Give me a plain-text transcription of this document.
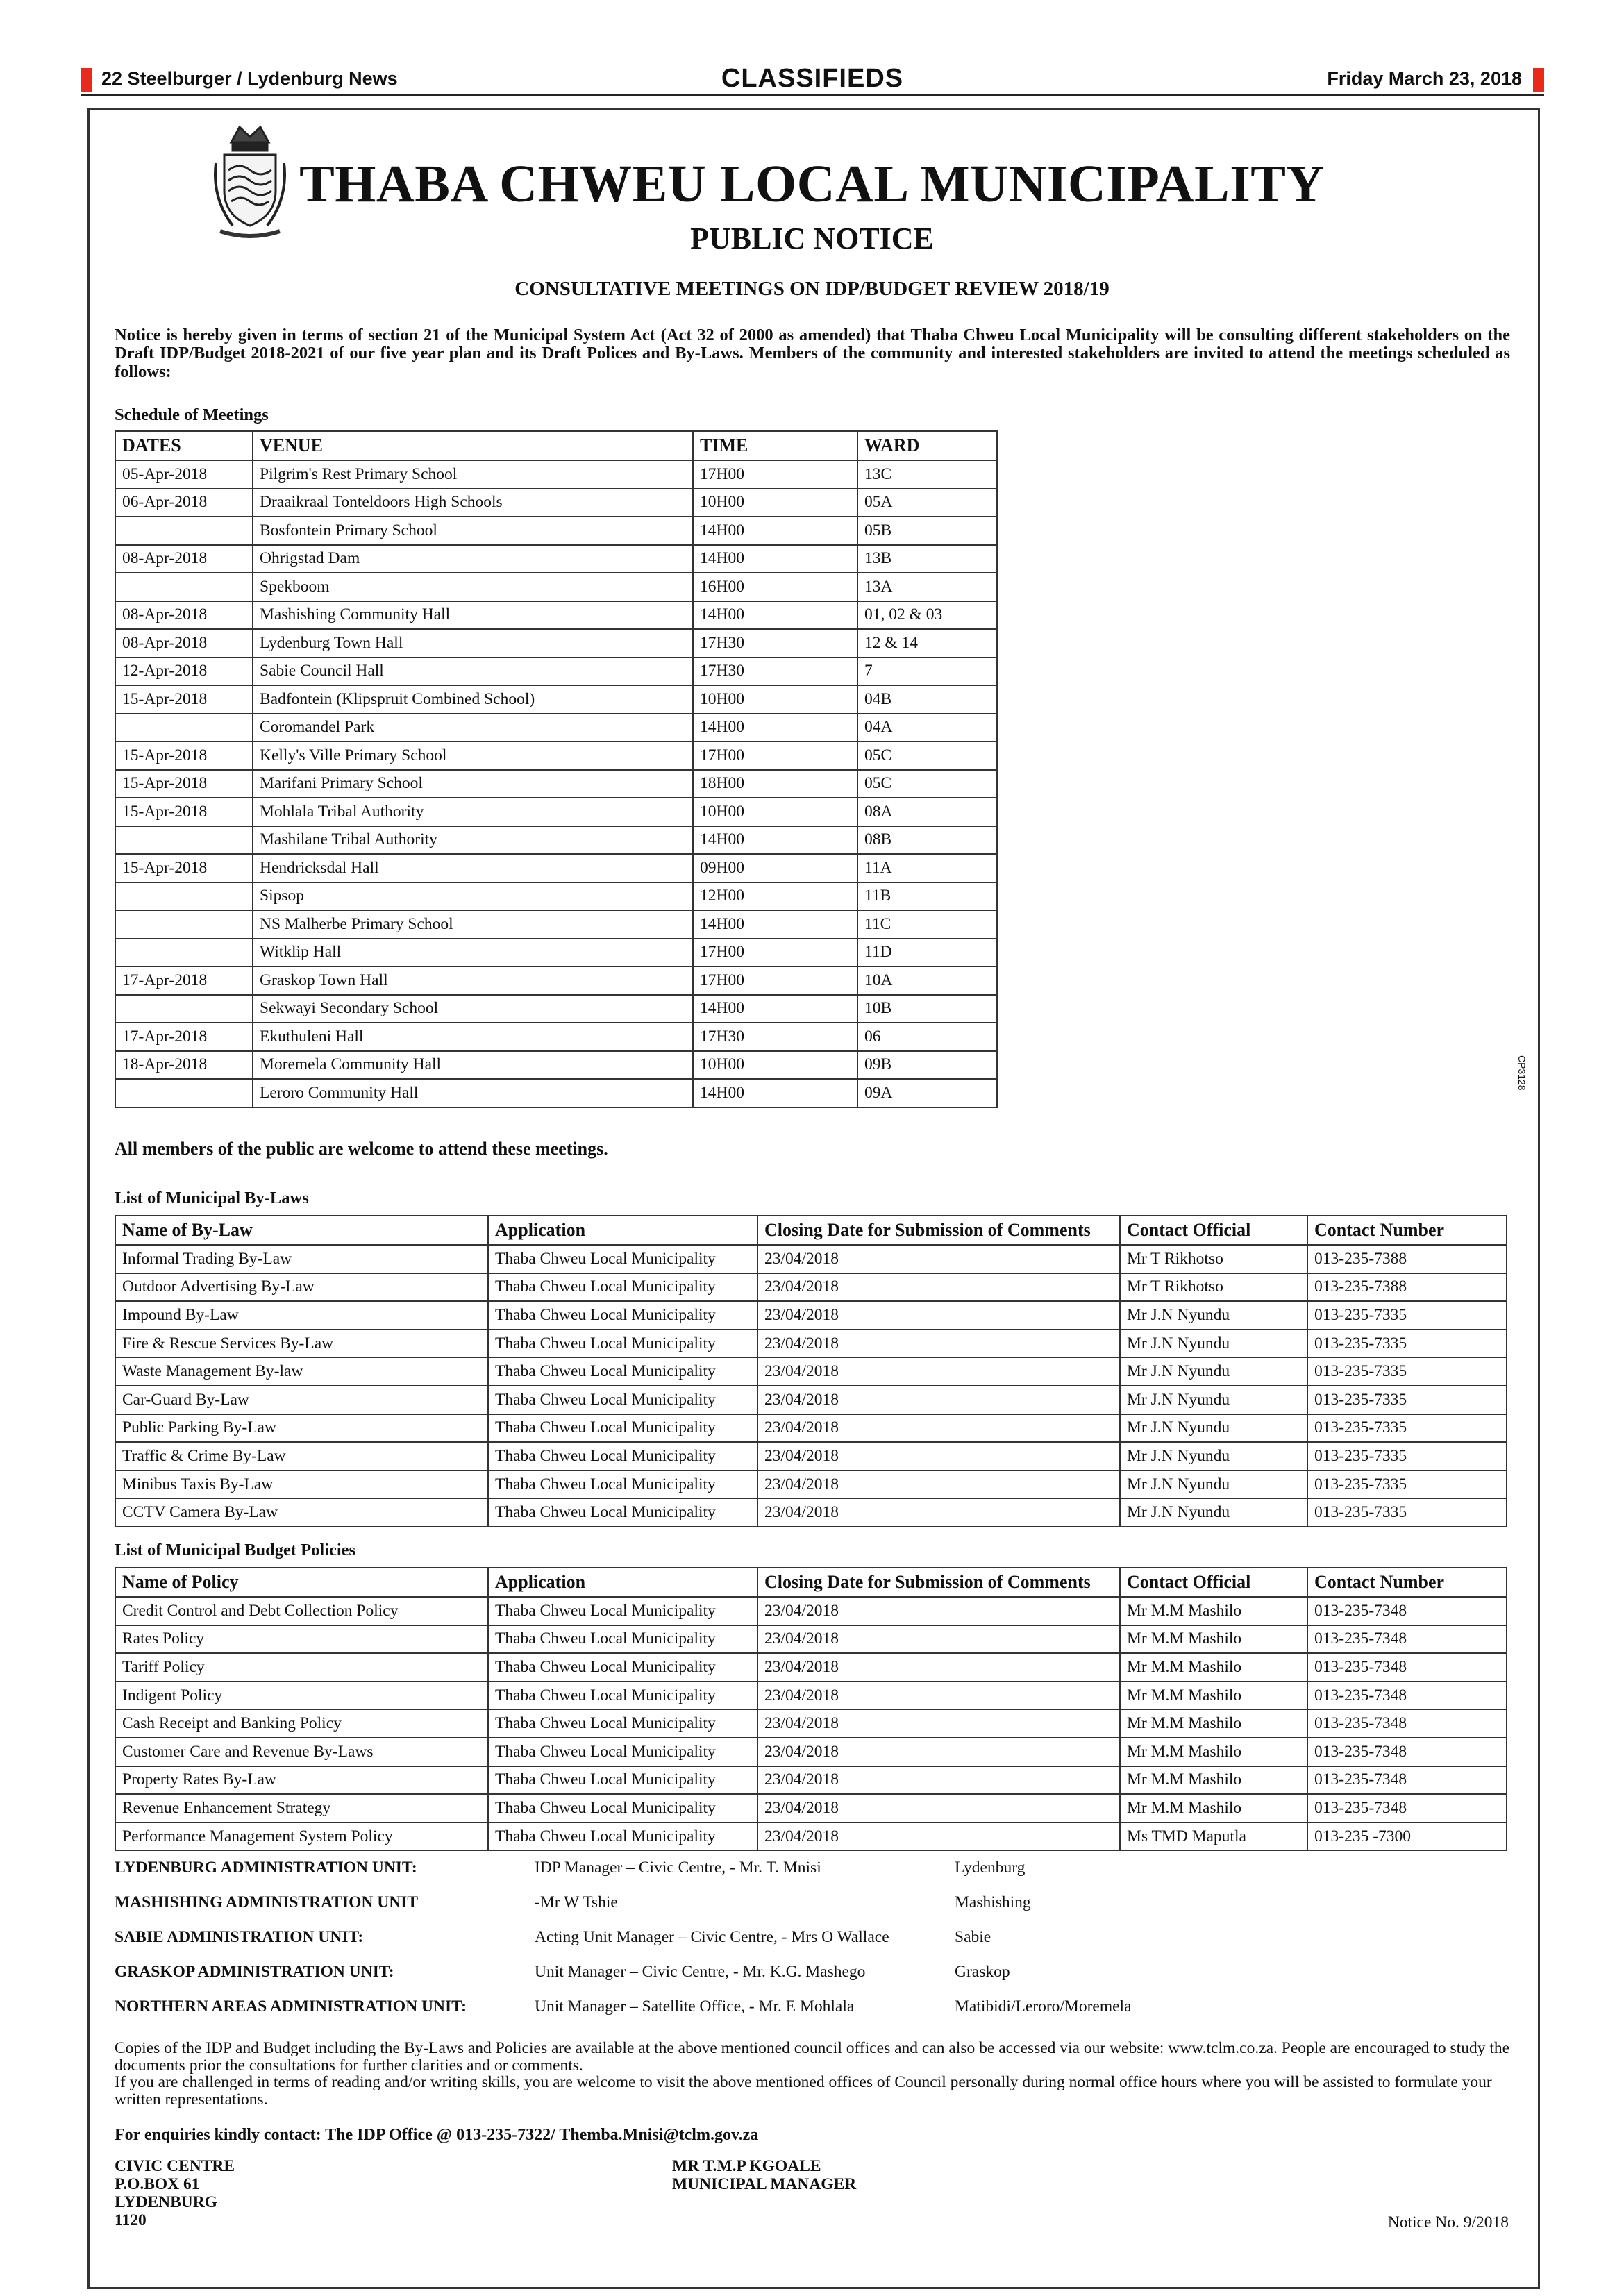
22 Steelburger / Lydenburg News	CLASSIFIEDS	Friday March 23, 2018
THABA CHWEU LOCAL MUNICIPALITY
PUBLIC NOTICE
CONSULTATIVE MEETINGS ON IDP/BUDGET REVIEW 2018/19
Notice is hereby given in terms of section 21 of the Municipal System Act (Act 32 of 2000 as amended) that Thaba Chweu Local Municipality will be consulting different stakeholders on the Draft IDP/Budget 2018-2021 of our five year plan and its Draft Polices and By-Laws. Members of the community and interested stakeholders are invited to attend the meetings scheduled as follows:
Schedule of Meetings
DATES	VENUE	TIME	WARD
05-Apr-2018	Pilgrim's Rest Primary School	17H00	13C
06-Apr-2018	Draaikraal Tonteldoors High Schools	10H00	05A
	Bosfontein Primary School	14H00	05B
08-Apr-2018	Ohrigstad Dam	14H00	13B
	Spekboom	16H00	13A
08-Apr-2018	Mashishing Community Hall	14H00	01, 02 & 03
08-Apr-2018	Lydenburg Town Hall	17H30	12 & 14
12-Apr-2018	Sabie Council Hall	17H30	7
15-Apr-2018	Badfontein (Klipspruit Combined School)	10H00	04B
	Coromandel Park	14H00	04A
15-Apr-2018	Kelly's Ville Primary School	17H00	05C
15-Apr-2018	Marifani Primary School	18H00	05C
15-Apr-2018	Mohlala Tribal Authority	10H00	08A
	Mashilane Tribal Authority	14H00	08B
15-Apr-2018	Hendricksdal Hall	09H00	11A
	Sipsop	12H00	11B
	NS Malherbe Primary School	14H00	11C
	Witklip Hall	17H00	11D
17-Apr-2018	Graskop Town Hall	17H00	10A
	Sekwayi Secondary School	14H00	10B
17-Apr-2018	Ekuthuleni Hall	17H30	06
18-Apr-2018	Moremela Community Hall	10H00	09B
	Leroro Community Hall	14H00	09A
CP3128
All members of the public are welcome to attend these meetings.
List of Municipal By-Laws
Name of By-Law	Application	Closing Date for Submission of Comments	Contact Official	Contact Number
Informal Trading By-Law	Thaba Chweu Local Municipality	23/04/2018	Mr T Rikhotso	013-235-7388
Outdoor Advertising By-Law	Thaba Chweu Local Municipality	23/04/2018	Mr T Rikhotso	013-235-7388
Impound By-Law	Thaba Chweu Local Municipality	23/04/2018	Mr J.N Nyundu	013-235-7335
Fire & Rescue Services By-Law	Thaba Chweu Local Municipality	23/04/2018	Mr J.N Nyundu	013-235-7335
Waste Management By-law	Thaba Chweu Local Municipality	23/04/2018	Mr J.N Nyundu	013-235-7335
Car-Guard By-Law	Thaba Chweu Local Municipality	23/04/2018	Mr J.N Nyundu	013-235-7335
Public Parking By-Law	Thaba Chweu Local Municipality	23/04/2018	Mr J.N Nyundu	013-235-7335
Traffic & Crime By-Law	Thaba Chweu Local Municipality	23/04/2018	Mr J.N Nyundu	013-235-7335
Minibus Taxis By-Law	Thaba Chweu Local Municipality	23/04/2018	Mr J.N Nyundu	013-235-7335
CCTV Camera By-Law	Thaba Chweu Local Municipality	23/04/2018	Mr J.N Nyundu	013-235-7335
List of Municipal Budget Policies
Name of Policy	Application	Closing Date for Submission of Comments	Contact Official	Contact Number
Credit Control and Debt Collection Policy	Thaba Chweu Local Municipality	23/04/2018	Mr M.M Mashilo	013-235-7348
Rates Policy	Thaba Chweu Local Municipality	23/04/2018	Mr M.M Mashilo	013-235-7348
Tariff Policy	Thaba Chweu Local Municipality	23/04/2018	Mr M.M Mashilo	013-235-7348
Indigent Policy	Thaba Chweu Local Municipality	23/04/2018	Mr M.M Mashilo	013-235-7348
Cash Receipt and Banking Policy	Thaba Chweu Local Municipality	23/04/2018	Mr M.M Mashilo	013-235-7348
Customer Care and Revenue By-Laws	Thaba Chweu Local Municipality	23/04/2018	Mr M.M Mashilo	013-235-7348
Property Rates By-Law	Thaba Chweu Local Municipality	23/04/2018	Mr M.M Mashilo	013-235-7348
Revenue Enhancement Strategy	Thaba Chweu Local Municipality	23/04/2018	Mr M.M Mashilo	013-235-7348
Performance Management System Policy	Thaba Chweu Local Municipality	23/04/2018	Ms TMD Maputla	013-235 -7300
LYDENBURG ADMINISTRATION UNIT:	IDP Manager – Civic Centre, - Mr. T. Mnisi	Lydenburg
MASHISHING ADMINISTRATION UNIT	-Mr W Tshie	Mashishing
SABIE ADMINISTRATION UNIT:	Acting Unit Manager – Civic Centre, - Mrs O Wallace	Sabie
GRASKOP ADMINISTRATION UNIT:	Unit Manager – Civic Centre, - Mr. K.G. Mashego	Graskop
NORTHERN AREAS ADMINISTRATION UNIT:	Unit Manager – Satellite Office, - Mr. E Mohlala	Matibidi/Leroro/Moremela
Copies of the IDP and Budget including the By-Laws and Policies are available at the above mentioned council offices and can also be accessed via our website: www.tclm.co.za. People are encouraged to study the documents prior the consultations for further clarities and or comments.
If you are challenged in terms of reading and/or writing skills, you are welcome to visit the above mentioned offices of Council personally during normal office hours where you will be assisted to formulate your written representations.
For enquiries kindly contact: The IDP Office @ 013-235-7322/ Themba.Mnisi@tclm.gov.za
CIVIC CENTRE
P.O.BOX 61
LYDENBURG
1120
MR T.M.P KGOALE
MUNICIPAL MANAGER
Notice No. 9/2018
